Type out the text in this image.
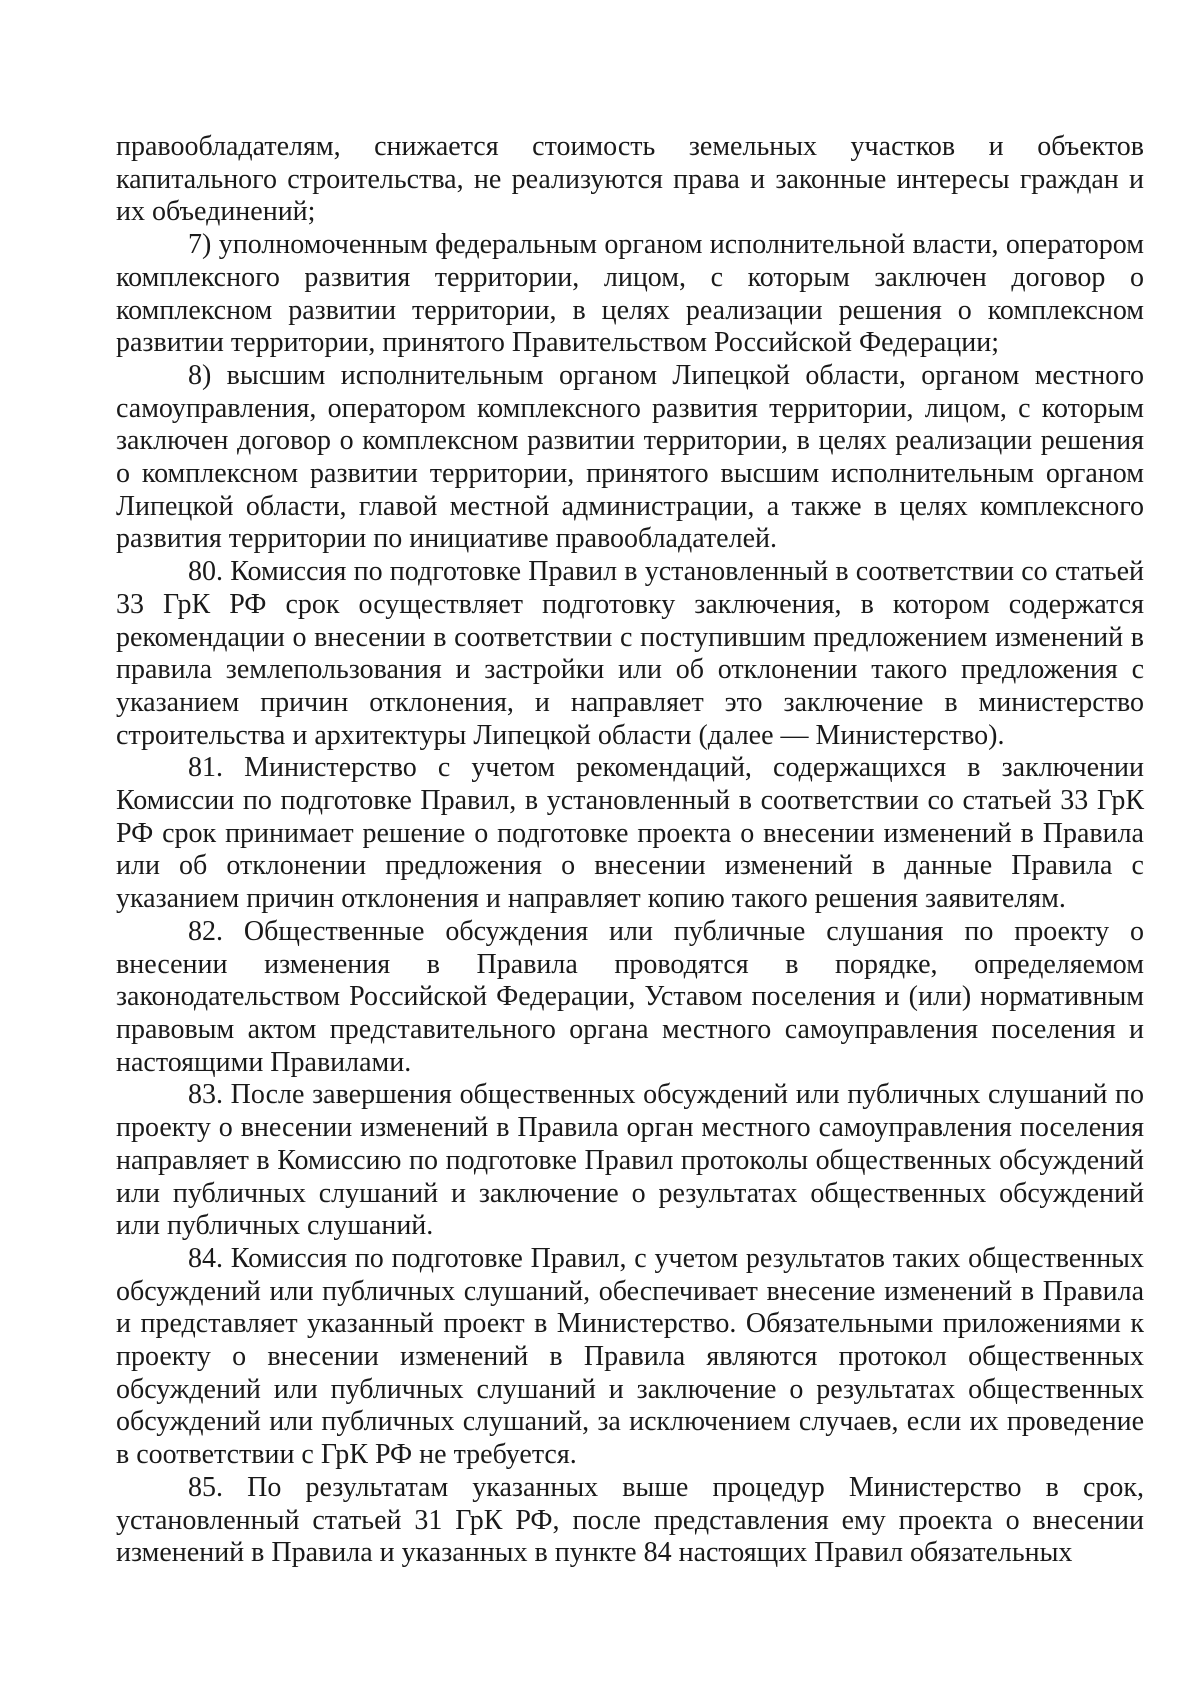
правообладателям, снижается стоимость земельных участков и объектов капитального строительства, не реализуются права и законные интересы граждан и их объединений;

7) уполномоченным федеральным органом исполнительной власти, оператором комплексного развития территории, лицом, с которым заключен договор о комплексном развитии территории, в целях реализации решения о комплексном развитии территории, принятого Правительством Российской Федерации;

8) высшим исполнительным органом Липецкой области, органом местного самоуправления, оператором комплексного развития территории, лицом, с которым заключен договор о комплексном развитии территории, в целях реализации решения о комплексном развитии территории, принятого высшим исполнительным органом Липецкой области, главой местной администрации, а также в целях комплексного развития территории по инициативе правообладателей.

80. Комиссия по подготовке Правил в установленный в соответствии со статьей 33 ГрК РФ срок осуществляет подготовку заключения, в котором содержатся рекомендации о внесении в соответствии с поступившим предложением изменений в правила землепользования и застройки или об отклонении такого предложения с указанием причин отклонения, и направляет это заключение в министерство строительства и архитектуры Липецкой области (далее — Министерство).

81. Министерство с учетом рекомендаций, содержащихся в заключении Комиссии по подготовке Правил, в установленный в соответствии со статьей 33 ГрК РФ срок принимает решение о подготовке проекта о внесении изменений в Правила или об отклонении предложения о внесении изменений в данные Правила с указанием причин отклонения и направляет копию такого решения заявителям.

82. Общественные обсуждения или публичные слушания по проекту о внесении изменения в Правила проводятся в порядке, определяемом законодательством Российской Федерации, Уставом поселения и (или) нормативным правовым актом представительного органа местного самоуправления поселения и настоящими Правилами.

83. После завершения общественных обсуждений или публичных слушаний по проекту о внесении изменений в Правила орган местного самоуправления поселения направляет в Комиссию по подготовке Правил протоколы общественных обсуждений или публичных слушаний и заключение о результатах общественных обсуждений или публичных слушаний.

84. Комиссия по подготовке Правил, с учетом результатов таких общественных обсуждений или публичных слушаний, обеспечивает внесение изменений в Правила и представляет указанный проект в Министерство. Обязательными приложениями к проекту о внесении изменений в Правила являются протокол общественных обсуждений или публичных слушаний и заключение о результатах общественных обсуждений или публичных слушаний, за исключением случаев, если их проведение в соответствии с ГрК РФ не требуется.

85. По результатам указанных выше процедур Министерство в срок, установленный статьей 31 ГрК РФ, после представления ему проекта о внесении изменений в Правила и указанных в пункте 84 настоящих Правил обязательных
